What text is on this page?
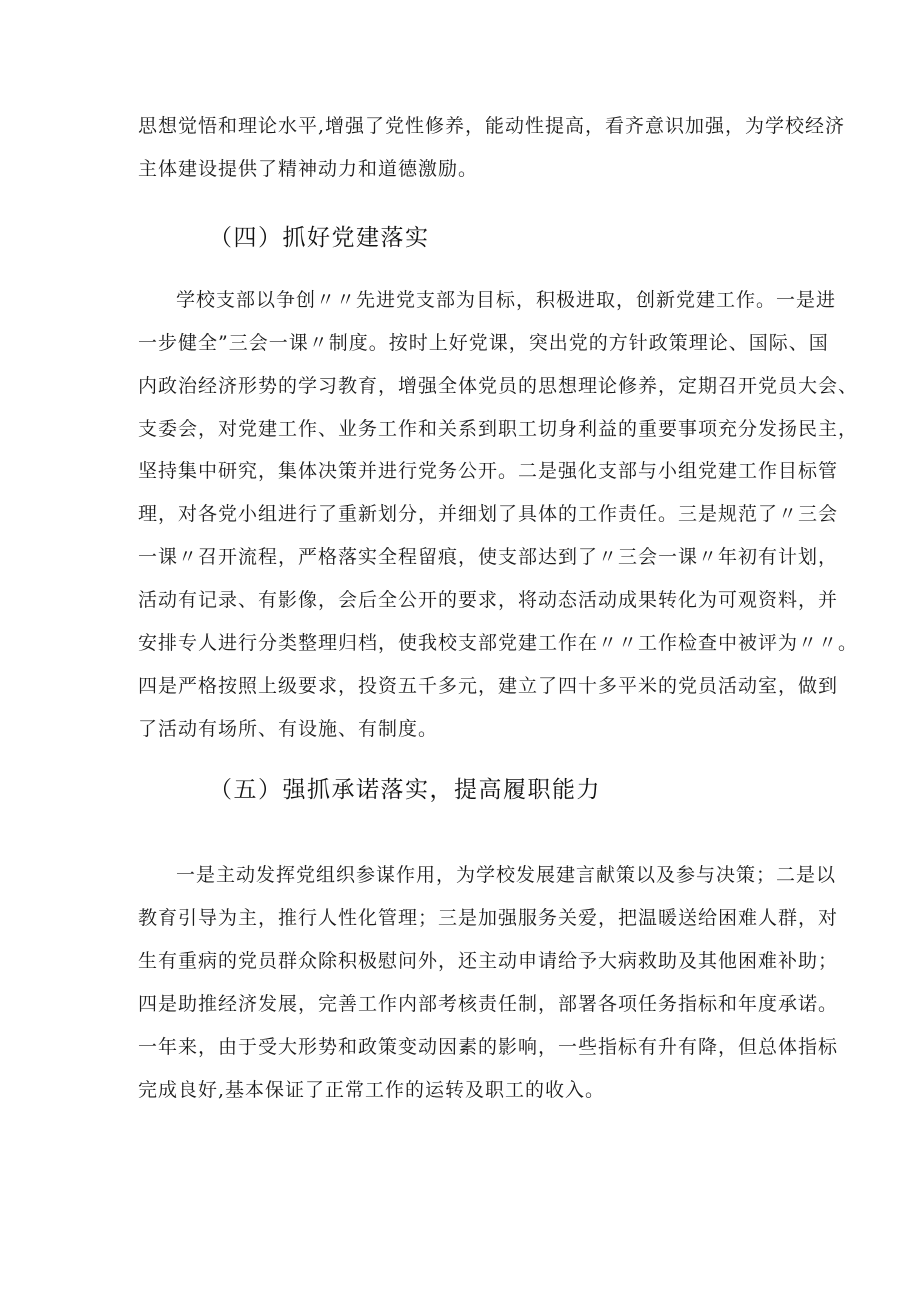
思想觉悟和理论水平,增强了党性修养，能动性提高，看齐意识加强，为学校经济
主体建设提供了精神动力和道德激励。
（四）抓好党建落实
学校支部以争创〃〃先进党支部为目标，积极进取，创新党建工作。一是进
一步健全”三会一课〃制度。按时上好党课，突出党的方针政策理论、国际、国
内政治经济形势的学习教育，增强全体党员的思想理论修养，定期召开党员大会、
支委会，对党建工作、业务工作和关系到职工切身利益的重要事项充分发扬民主，
坚持集中研究，集体决策并进行党务公开。二是强化支部与小组党建工作目标管
理，对各党小组进行了重新划分，并细划了具体的工作责任。三是规范了〃三会
一课〃召开流程，严格落实全程留痕，使支部达到了〃三会一课〃年初有计划，
活动有记录、有影像，会后全公开的要求，将动态活动成果转化为可观资料，并
安排专人进行分类整理归档，使我校支部党建工作在〃〃工作检查中被评为〃〃。
四是严格按照上级要求，投资五千多元，建立了四十多平米的党员活动室，做到
了活动有场所、有设施、有制度。
（五）强抓承诺落实，提高履职能力
一是主动发挥党组织参谋作用，为学校发展建言献策以及参与决策；二是以
教育引导为主，推行人性化管理；三是加强服务关爱，把温暖送给困难人群，对
生有重病的党员群众除积极慰问外，还主动申请给予大病救助及其他困难补助；
四是助推经济发展，完善工作内部考核责任制，部署各项任务指标和年度承诺。
一年来，由于受大形势和政策变动因素的影响，一些指标有升有降，但总体指标
完成良好,基本保证了正常工作的运转及职工的收入。
